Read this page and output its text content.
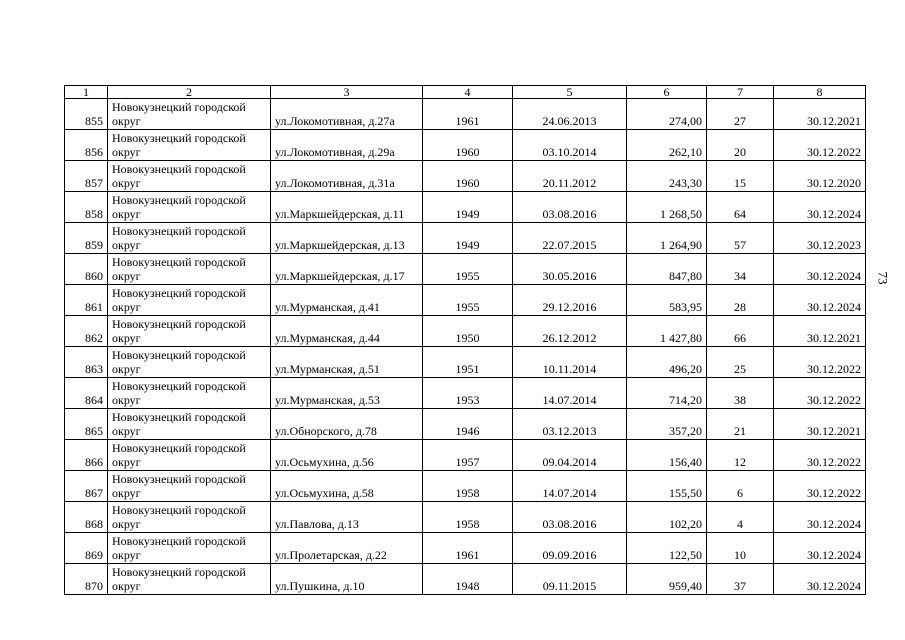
1	2	3	4	5	6	7	8
855	Новокузнецкий городской округ	ул.Локомотивная, д.27а	1961	24.06.2013	274,00	27	30.12.2021
856	Новокузнецкий городской округ	ул.Локомотивная, д.29а	1960	03.10.2014	262,10	20	30.12.2022
857	Новокузнецкий городской округ	ул.Локомотивная, д.31а	1960	20.11.2012	243,30	15	30.12.2020
858	Новокузнецкий городской округ	ул.Маркшейдерская, д.11	1949	03.08.2016	1 268,50	64	30.12.2024
859	Новокузнецкий городской округ	ул.Маркшейдерская, д.13	1949	22.07.2015	1 264,90	57	30.12.2023
860	Новокузнецкий городской округ	ул.Маркшейдерская, д.17	1955	30.05.2016	847,80	34	30.12.2024
861	Новокузнецкий городской округ	ул.Мурманская, д.41	1955	29.12.2016	583,95	28	30.12.2024
862	Новокузнецкий городской округ	ул.Мурманская, д.44	1950	26.12.2012	1 427,80	66	30.12.2021
863	Новокузнецкий городской округ	ул.Мурманская, д.51	1951	10.11.2014	496,20	25	30.12.2022
864	Новокузнецкий городской округ	ул.Мурманская, д.53	1953	14.07.2014	714,20	38	30.12.2022
865	Новокузнецкий городской округ	ул.Обнорского, д.78	1946	03.12.2013	357,20	21	30.12.2021
866	Новокузнецкий городской округ	ул.Осьмухина, д.56	1957	09.04.2014	156,40	12	30.12.2022
867	Новокузнецкий городской округ	ул.Осьмухина, д.58	1958	14.07.2014	155,50	6	30.12.2022
868	Новокузнецкий городской округ	ул.Павлова, д.13	1958	03.08.2016	102,20	4	30.12.2024
869	Новокузнецкий городской округ	ул.Пролетарская, д.22	1961	09.09.2016	122,50	10	30.12.2024
870	Новокузнецкий городской округ	ул.Пушкина, д.10	1948	09.11.2015	959,40	37	30.12.2024
73
